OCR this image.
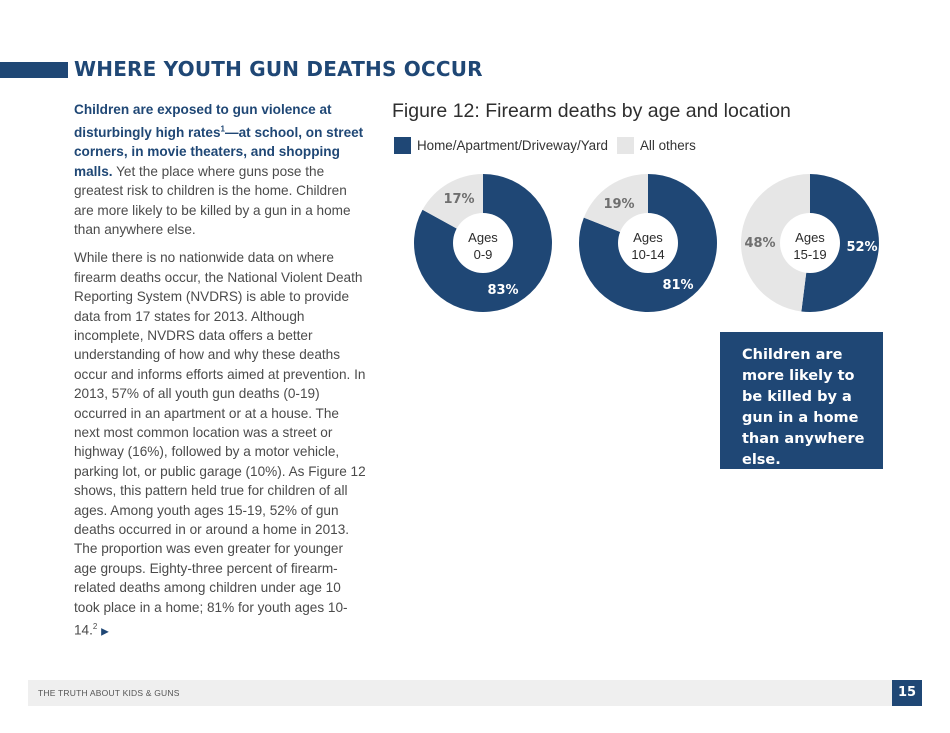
WHERE YOUTH GUN DEATHS OCCUR

Children are exposed to gun violence at disturbingly high rates$^1$—at school, on street corners, in movie theaters, and shopping malls. Yet the place where guns pose the greatest risk to children is the home. Children are more likely to be killed by a gun in a home than anywhere else.

While there is no nationwide data on where firearm deaths occur, the National Violent Death Reporting System (NVDRS) is able to provide data from 17 states for 2013. Although incomplete, NVDRS data offers a better understanding of how and why these deaths occur and informs efforts aimed at prevention. In 2013, 57% of all youth gun deaths (0-19) occurred in an apartment or at a house. The next most common location was a street or highway (16%), followed by a motor vehicle, parking lot, or public garage (10%). As Figure 12 shows, this pattern held true for children of all ages. Among youth ages 15-19, 52% of gun deaths occurred in or around a home in 2013. The proportion was even greater for younger age groups. Eighty-three percent of firearm-related deaths among children under age 10 took place in a home; 81% for youth ages 10-14.$^2$ ▶

Figure 12: Firearm deaths by age and location
Home/Apartment/Driveway/Yard All others
Ages
0-9
83%
17%
Ages
10-14
81%
19%
Ages
15-19 52%
48%
Children are more likely to be killed by a gun in a home than anywhere else.
THE TRUTH ABOUT KIDS & GUNS	15
